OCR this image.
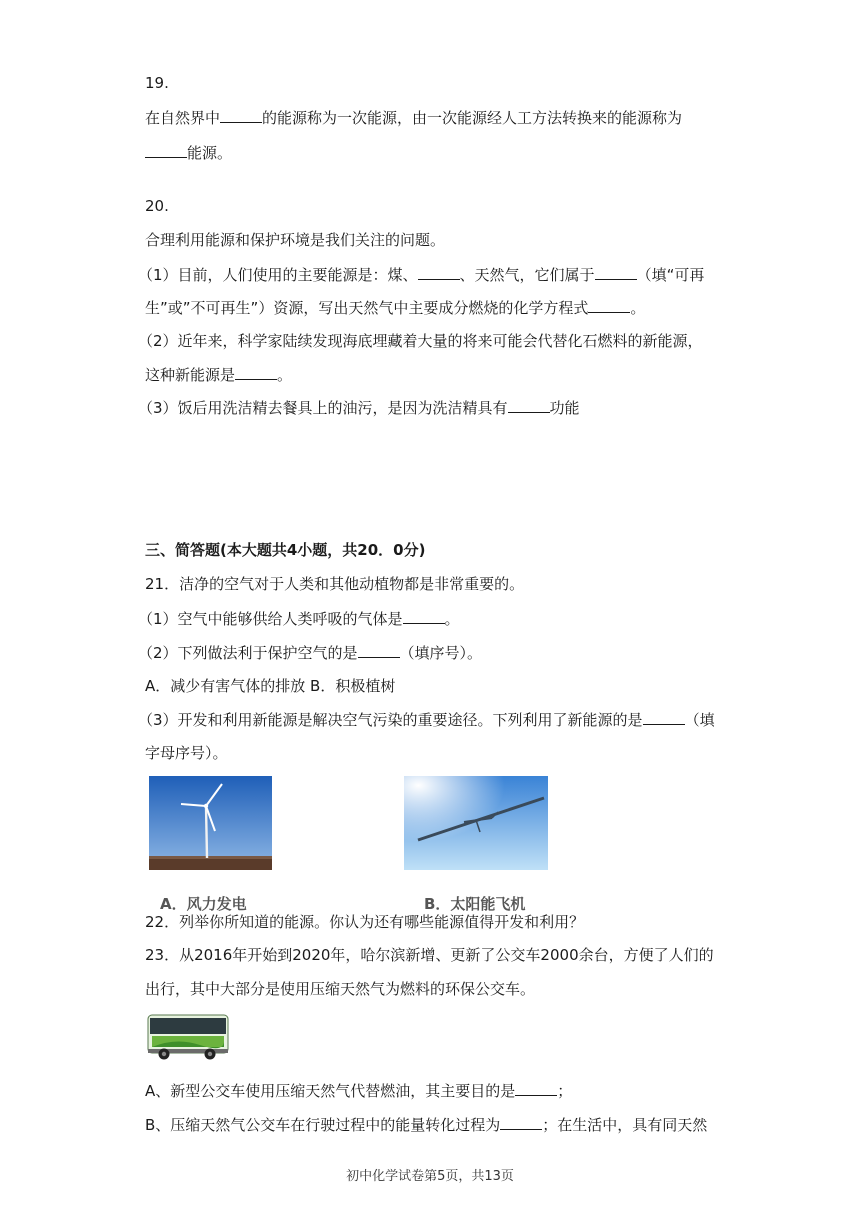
19.

在自然界中	的能源称为一次能源，由一次能源经人工方法转换来的能源称为

能源。

20.

合理利用能源和保护环境是我们关注的问题。

（1）目前，人们使用的主要能源是：煤、	、天然气，它们属于	（填“可再

生”或”不可再生”）资源，写出天然气中主要成分燃烧的化学方程式	。

（2）近年来，科学家陆续发现海底埋藏着大量的将来可能会代替化石燃料的新能源，

这种新能源是	。

（3）饭后用洗洁精去餐具上的油污，是因为洗洁精具有	功能

三、简答题(本大题共4小题，共20．0分)

21．洁净的空气对于人类和其他动植物都是非常重要的。

（1）空气中能够供给人类呼吸的气体是	。

（2）下列做法利于保护空气的是	（填序号）。

A．减少有害气体的排放 B．积极植树

（3）开发和利用新能源是解决空气污染的重要途径。下列利用了新能源的是	（填

字母序号）。

A．风力发电	B．太阳能飞机

22．列举你所知道的能源。你认为还有哪些能源值得开发和利用？

23．从2016年开始到2020年，哈尔滨新增、更新了公交车2000余台，方便了人们的

出行，其中大部分是使用压缩天然气为燃料的环保公交车。

A、新型公交车使用压缩天然气代替燃油，其主要目的是	；

B、压缩天然气公交车在行驶过程中的能量转化过程为	；在生活中，具有同天然

初中化学试卷第5页，共13页
